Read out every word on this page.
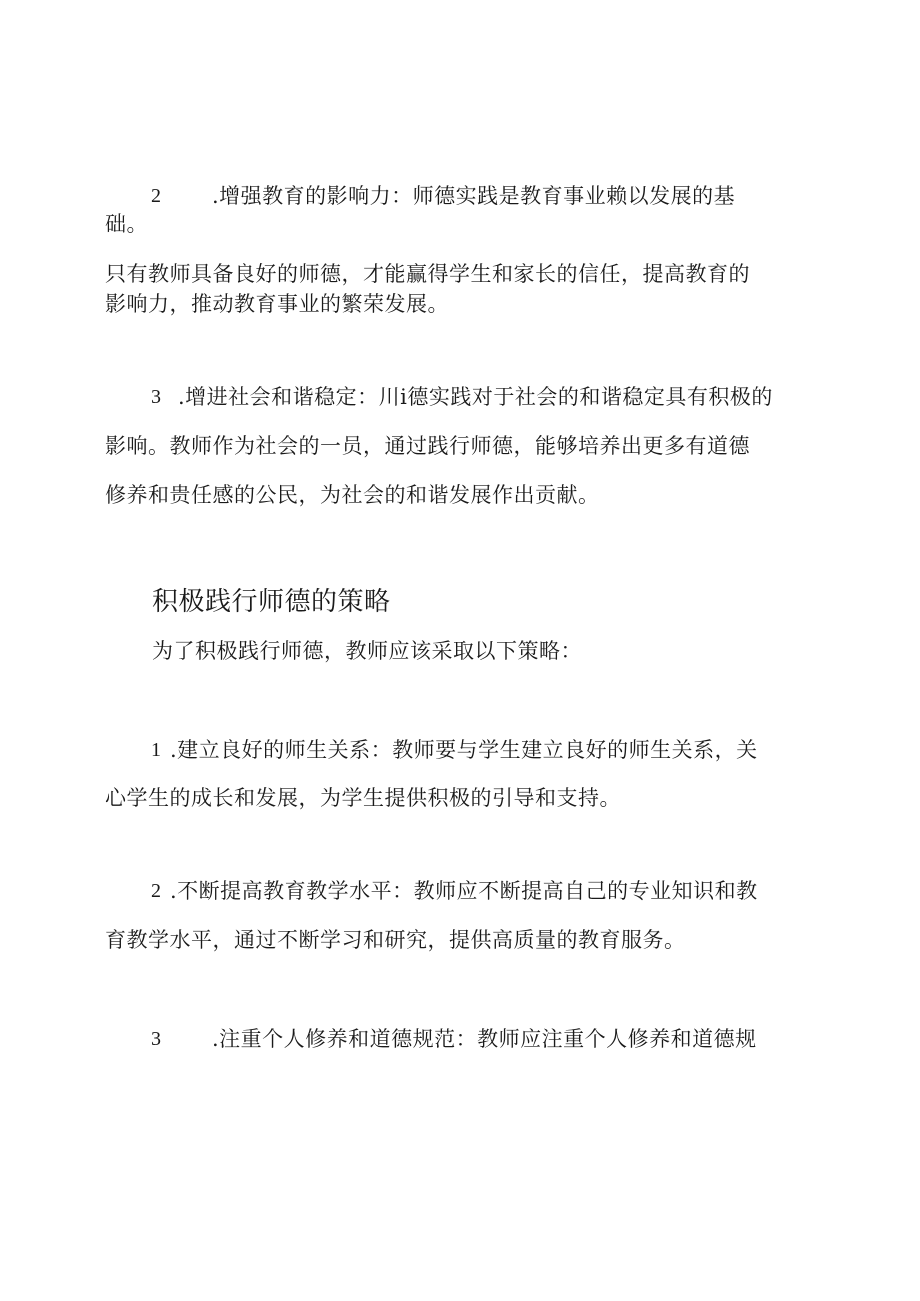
2 .增强教育的影响力：师德实践是教育事业赖以发展的基
础。
只有教师具备良好的师德，才能赢得学生和家长的信任，提高教育的
影响力，推动教育事业的繁荣发展。
3 .增进社会和谐稳定：川i德实践对于社会的和谐稳定具有积极的
影响。教师作为社会的一员，通过践行师德，能够培养出更多有道德
修养和贵任感的公民，为社会的和谐发展作出贡献。
积极践行师德的策略
为了积极践行师德，教师应该采取以下策略：
1 .建立良好的师生关系：教师要与学生建立良好的师生关系，关
心学生的成长和发展，为学生提供积极的引导和支持。
2 .不断提高教育教学水平：教师应不断提高自己的专业知识和教
育教学水平，通过不断学习和研究，提供高质量的教育服务。
3 .注重个人修养和道德规范：教师应注重个人修养和道德规
